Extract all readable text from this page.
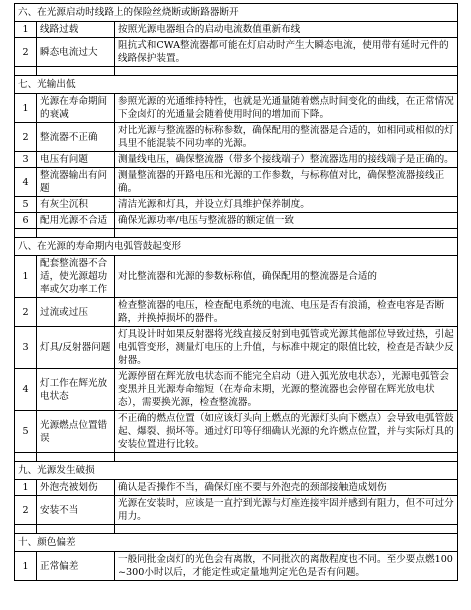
六、在光源启动时线路上的保险丝烧断或断路器断开		
1	线路过载	按照光源电器组合的启动电流数值重新布线
2	瞬态电流过大	阻抗式和CWA整流器都可能在灯启动时产生大瞬态电流，使用带有延时元件的线路保护装置。

七、光输出低		
1	光源在寿命期间的衰减	参照光源的光通维持特性，也就是光通量随着燃点时间变化的曲线，在正常情况下金卤灯的光通量会随着使用时间的增加而下降。
2	整流器不正确	对比光源与整流器的标称参数，确保配用的整流器是合适的，如相同或相似的灯具里不能混装不同功率的光源。
3	电压有问题	测量线电压，确保整流器（带多个接线端子）整流器选用的接线端子是正确的。
4	整流器输出有问题	测量整流器的开路电压和光源的工作参数，与标称值对比，确保整流器接线正确。
5	有灰尘沉积	清洁光源和灯具，并设立灯具维护保养制度。
6	配用光源不合适	确保光源功率/电压与整流器的额定值一致

八、在光源的寿命期内电弧管鼓起变形		
1	配套整流器不合适，使光源超功率或欠功率工作	对比整流器和光源的参数标称值，确保配用的整流器是合适的
2	过流或过压	检查整流器的电压，检查配电系统的电流、电压是否有浪涌，检查电容是否断路，并换掉损坏的器件。
3	灯具/反射器问题	灯具设计时如果反射器将光线直接反射到电弧管或光源其他部位导致过热，引起电弧管变形，测量灯电压的上升值，与标准中规定的限值比较，检查是否缺少反射器。
4	灯工作在辉光放电状态	光源停留在辉光放电状态而不能完全启动（进入弧光放电状态），光源电弧管会变黑并且光源寿命缩短（在寿命末期，光源的整流器也会停留在辉光放电状态），需要换光源，检查整流器。
5	光源燃点位置错误	不正确的燃点位置（如应该灯头向上燃点的光源灯头向下燃点）会导致电弧管鼓起、爆裂、损坏等。通过灯印等仔细确认光源的允许燃点位置，并与实际灯具的安装位置进行比较。

九、光源发生破损		
1	外泡壳被划伤	确认是否操作不当，确保灯座不要与外泡壳的颈部接触造成划伤
2	安装不当	光源在安装时，应该是一直拧到光源与灯座连接牢固并感到有阻力，但不可过分用力。

十、颜色偏差		
1	正常偏差	一般同批金卤灯的光色会有离散，不同批次的离散程度也不同。至少要点燃100~300小时以后，才能定性或定量地判定光色是否有问题。
